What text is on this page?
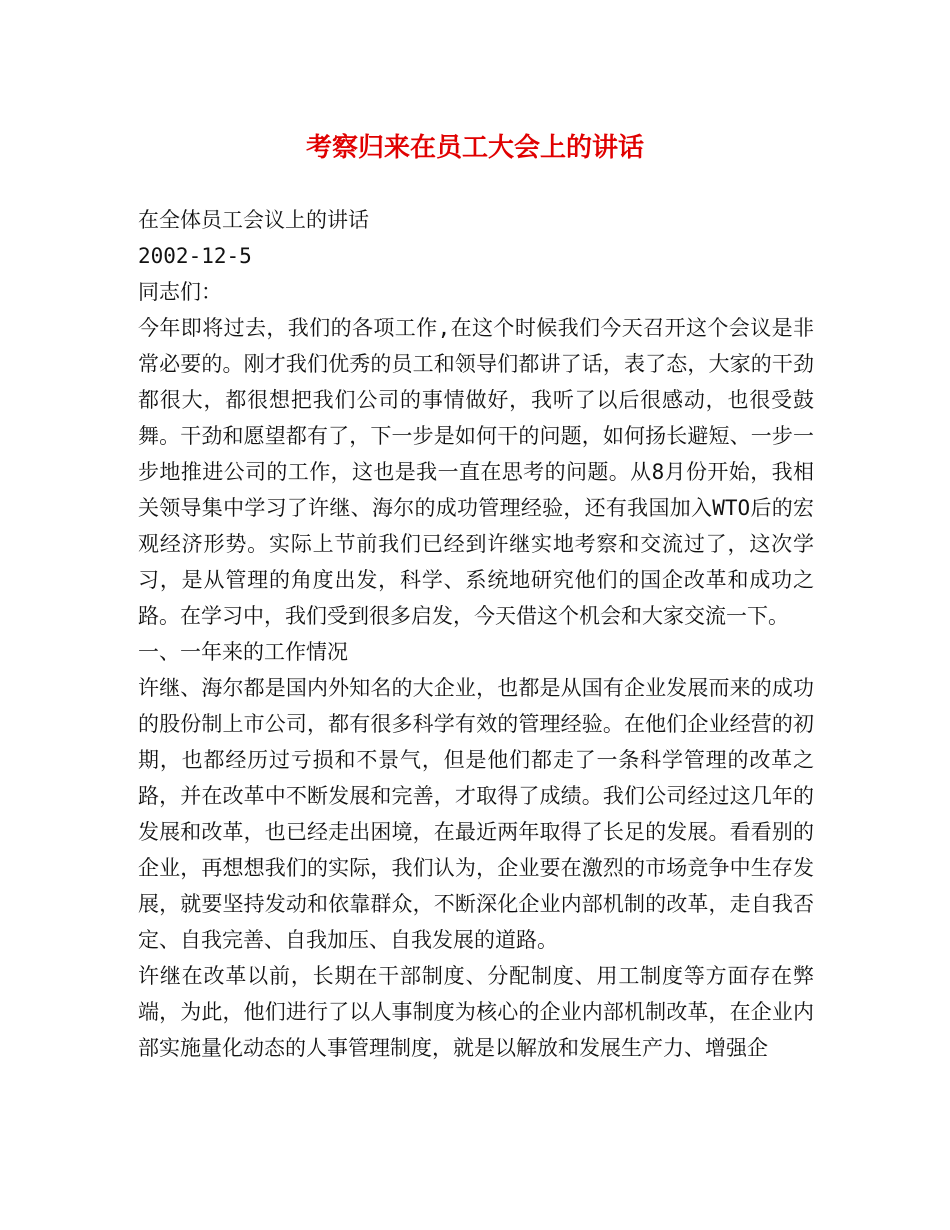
考察归来在员工大会上的讲话

在全体员工会议上的讲话

2002-12-5

同志们：

今年即将过去，我们的各项工作,在这个时候我们今天召开这个会议是非常必要的。刚才我们优秀的员工和领导们都讲了话，表了态，大家的干劲都很大，都很想把我们公司的事情做好，我听了以后很感动，也很受鼓舞。干劲和愿望都有了，下一步是如何干的问题，如何扬长避短、一步一步地推进公司的工作，这也是我一直在思考的问题。从8月份开始，我相关领导集中学习了许继、海尔的成功管理经验，还有我国加入WTO后的宏观经济形势。实际上节前我们已经到许继实地考察和交流过了，这次学习，是从管理的角度出发，科学、系统地研究他们的国企改革和成功之路。在学习中，我们受到很多启发，今天借这个机会和大家交流一下。

一、一年来的工作情况

许继、海尔都是国内外知名的大企业，也都是从国有企业发展而来的成功的股份制上市公司，都有很多科学有效的管理经验。在他们企业经营的初期，也都经历过亏损和不景气，但是他们都走了一条科学管理的改革之路，并在改革中不断发展和完善，才取得了成绩。我们公司经过这几年的发展和改革，也已经走出困境，在最近两年取得了长足的发展。看看别的企业，再想想我们的实际，我们认为，企业要在激烈的市场竞争中生存发展，就要坚持发动和依靠群众，不断深化企业内部机制的改革，走自我否定、自我完善、自我加压、自我发展的道路。

许继在改革以前，长期在干部制度、分配制度、用工制度等方面存在弊端，为此，他们进行了以人事制度为核心的企业内部机制改革，在企业内部实施量化动态的人事管理制度，就是以解放和发展生产力、增强企
